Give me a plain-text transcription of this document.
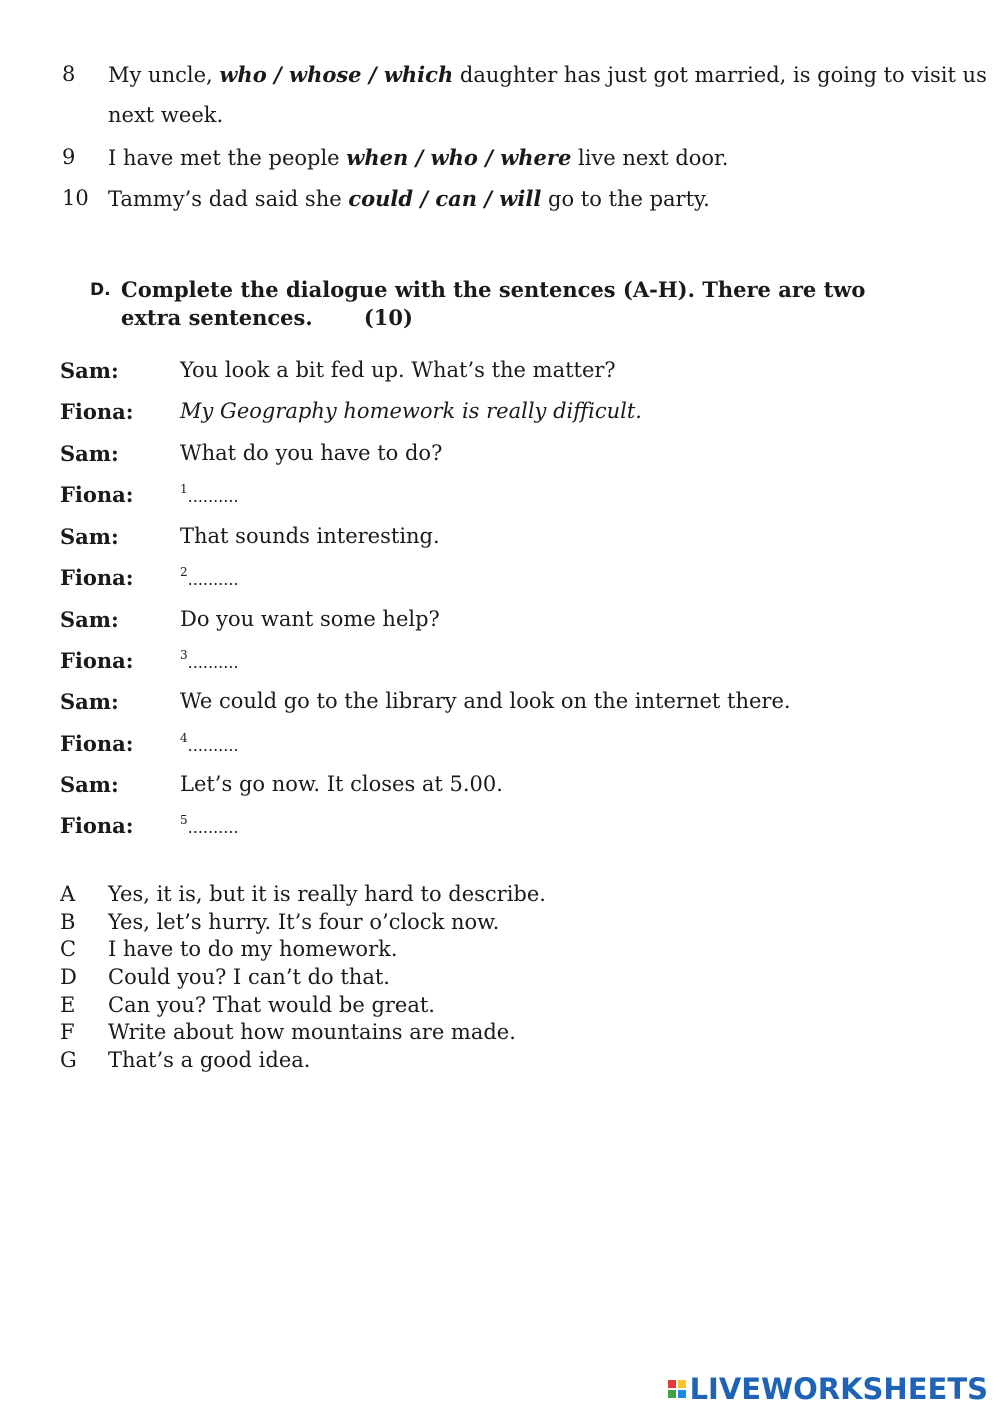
8 My uncle, who / whose / which daughter has just got married, is going to visit us
next week.
9 I have met the people when / who / where live next door.
10 Tammy’s dad said she could / can / will go to the party.
D. Complete the dialogue with the sentences (A-H). There are two extra sentences. (10)
Sam:	You look a bit fed up. What’s the matter?
Fiona: My Geography homework is really difficult.
Sam:	What do you have to do?
Fiona:	$^1$..........
Sam:	That sounds interesting.
Fiona:	$^2$..........
Sam:	Do you want some help?
Fiona:	$^3$..........
Sam:	We could go to the library and look on the internet there.
Fiona:	$^4$..........
Sam:	Let’s go now. It closes at 5.00.
Fiona:	$^5$..........
A Yes, it is, but it is really hard to describe.
B Yes, let’s hurry. It’s four o’clock now.
C I have to do my homework.
D Could you? I can’t do that.
E Can you? That would be great.
F Write about how mountains are made.
G That’s a good idea.
LIVEWORKSHEETS
